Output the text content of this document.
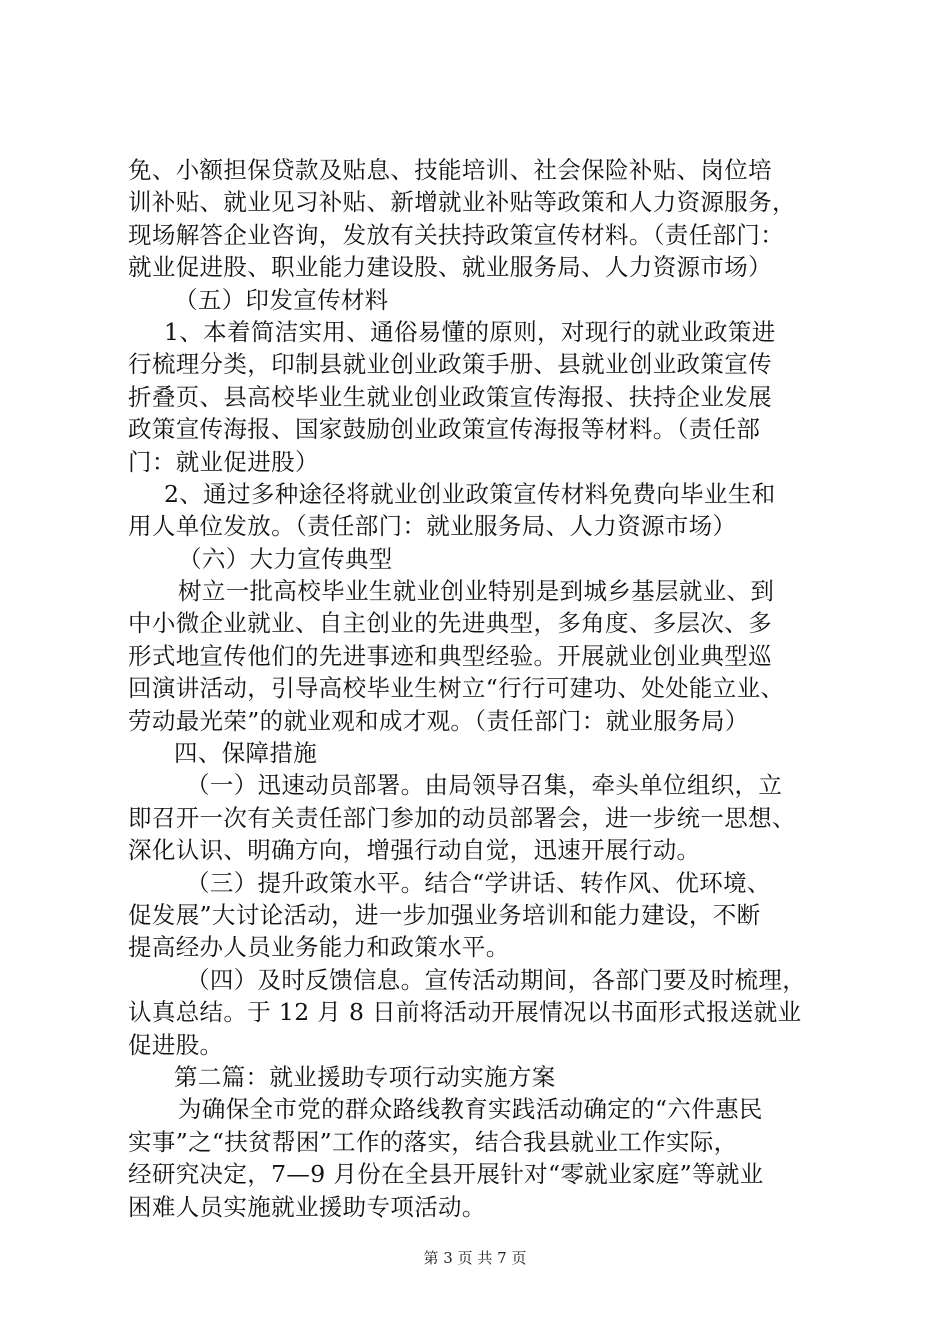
免、小额担保贷款及贴息、技能培训、社会保险补贴、岗位培
训补贴、就业见习补贴、新增就业补贴等政策和人力资源服务，
现场解答企业咨询，发放有关扶持政策宣传材料。（责任部门：
就业促进股、职业能力建设股、就业服务局、人力资源市场）
（五）印发宣传材料
1、本着简洁实用、通俗易懂的原则，对现行的就业政策进
行梳理分类，印制县就业创业政策手册、县就业创业政策宣传
折叠页、县高校毕业生就业创业政策宣传海报、扶持企业发展
政策宣传海报、国家鼓励创业政策宣传海报等材料。（责任部
门：就业促进股）
2、通过多种途径将就业创业政策宣传材料免费向毕业生和
用人单位发放。（责任部门：就业服务局、人力资源市场）
（六）大力宣传典型
树立一批高校毕业生就业创业特别是到城乡基层就业、到
中小微企业就业、自主创业的先进典型，多角度、多层次、多
形式地宣传他们的先进事迹和典型经验。开展就业创业典型巡
回演讲活动，引导高校毕业生树立“行行可建功、处处能立业、
劳动最光荣”的就业观和成才观。（责任部门：就业服务局）
四、保障措施
（一）迅速动员部署。由局领导召集，牵头单位组织，立
即召开一次有关责任部门参加的动员部署会，进一步统一思想、
深化认识、明确方向，增强行动自觉，迅速开展行动。
（三）提升政策水平。结合“学讲话、转作风、优环境、
促发展”大讨论活动，进一步加强业务培训和能力建设，不断
提高经办人员业务能力和政策水平。
（四）及时反馈信息。宣传活动期间，各部门要及时梳理，
认真总结。于 12 月 8 日前将活动开展情况以书面形式报送就业
促进股。
第二篇：就业援助专项行动实施方案
为确保全市党的群众路线教育实践活动确定的“六件惠民
实事”之“扶贫帮困”工作的落实，结合我县就业工作实际，
经研究决定，7—9 月份在全县开展针对“零就业家庭”等就业
困难人员实施就业援助专项活动。
第 3 页 共 7 页
